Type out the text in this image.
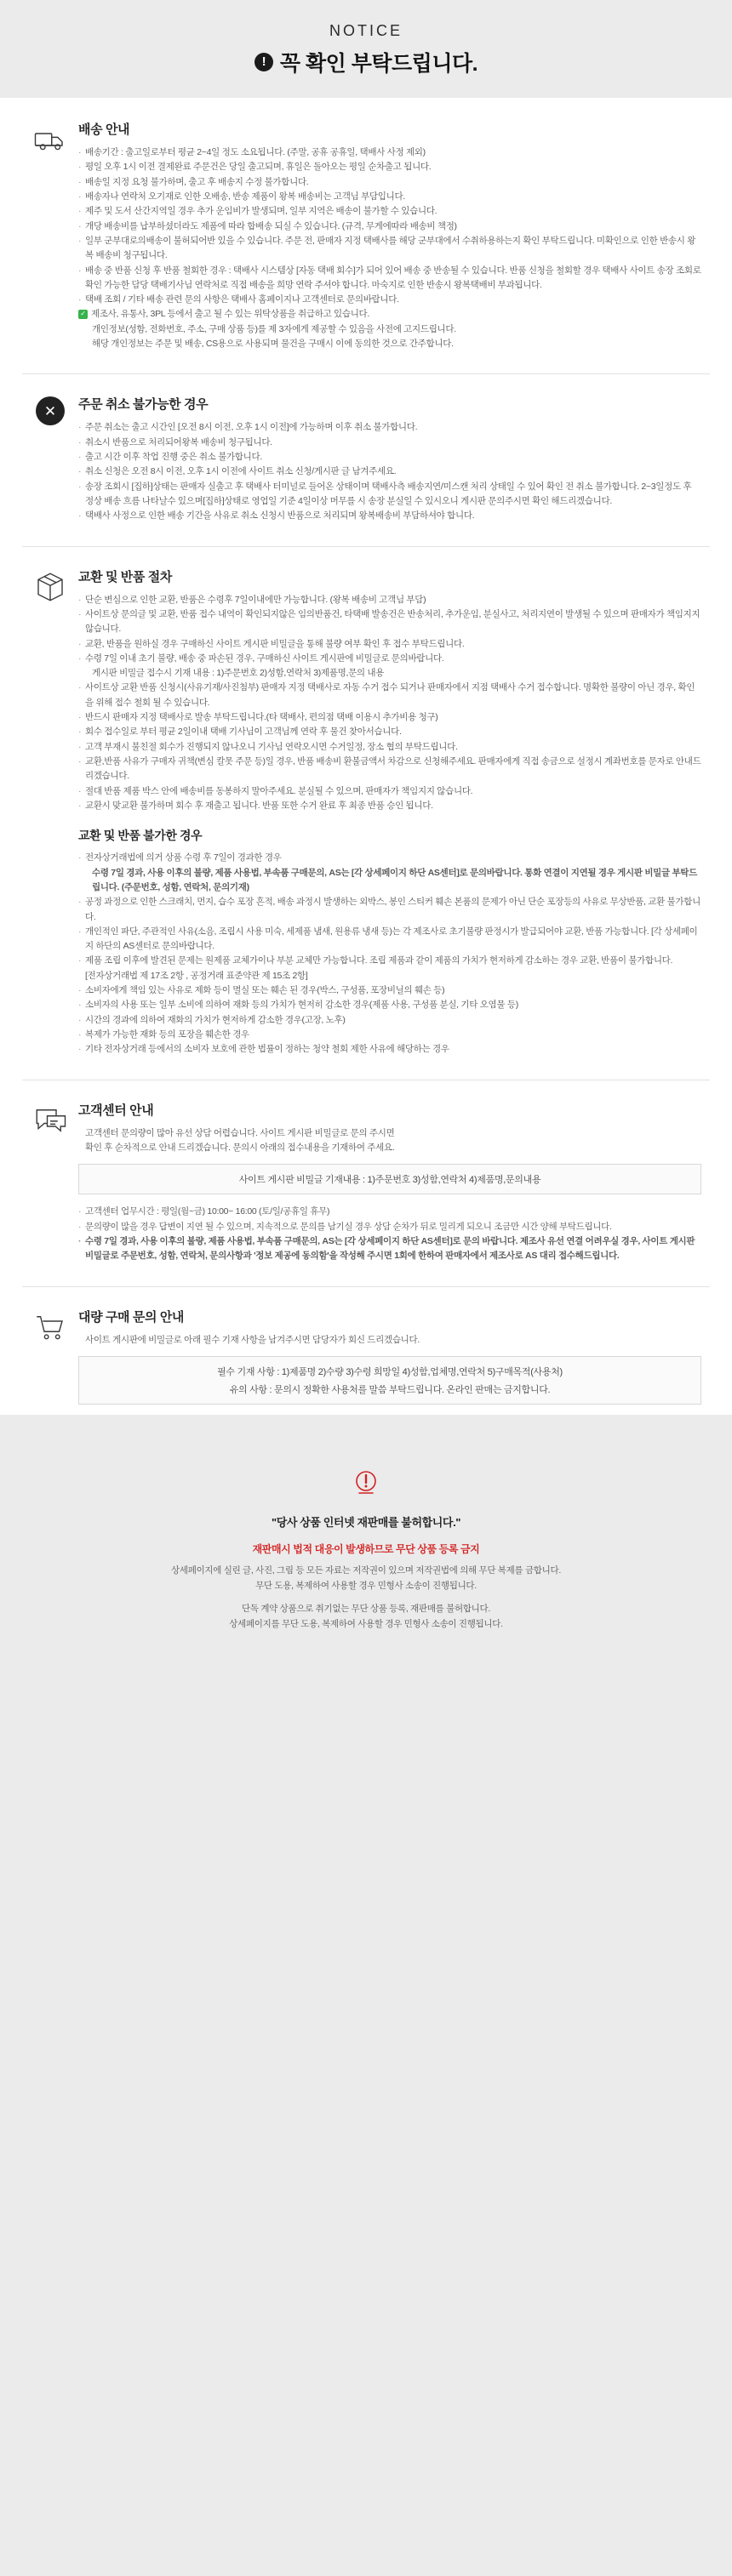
NOTICE
! 꼭 확인 부탁드립니다.
배송 안내
· 배송기간 : 출고일로부터 평균 2~4일 정도 소요됩니다. (주말, 공휴 공휴일, 택배사 사정 제외)
· 평일 오후 1시 이전 결제완료 주문건은 당일 출고되며, 휴일은 돌아오는 평일 순차출고 됩니다.
· 배송일 지정 요청 불가하며, 출고 후 배송지 수정 불가합니다.
· 배송자나 연락처 오기재로 인한 오배송, 반송 제품이 왕복 배송비는 고객님 부담입니다.
· 제주 및 도서 산간지역일 경우 추가 운임비가 발생되며, 일부 지역은 배송이 불가할 수 있습니다.
· 개당 배송비를 납부하셨더라도 제품에 따라 합배송 되실 수 있습니다. (규격, 무게에따라 배송비 책정)
· 일부 군부대로의배송이 불허되어반 있을 수 있습니다. 주문 전, 판매자 지정 택배사를 해당 군부대에서 수취하용하는지 확인 부탁드립니다. 미확인으로 인한 반송시 왕복 배송비 청구됩니다.
· 배송 중 반품 신청 후 반품 철회한 경우 : 택배사 시스템상 [자동 택배 회수]가 되어 있어 배송 중 반송될 수 있습니다. 반품 신청을 철회할 경우 택배사 사이트 송장 조회로 확인 가능한 담당 택배기사님 연락처로 직접 배송을 희망 연락 주셔야 합니다. 마숙지로 인한 반송시 왕복택배비 부과됩니다.
· 택배 조회 / 기타 배송 관련 문의 사항은 택배사 홈페이지나 고객센터로 문의바랍니다.
✓ 제조사, 유통사, 3PL 등에서 출고 될 수 있는 위탁상품을 취급하고 있습니다.
개인정보(성함, 전화번호, 주소, 구매 상품 등)를 제 3자에게 제공할 수 있음을 사전에 고지드립니다.
해당 개인정보는 주문 및 배송, CS용으로 사용되며 물건을 구매시 이에 동의한 것으로 간주합니다.
✕	주문 취소 불가능한 경우
· 주문 취소는 출고 시간인 [오전 8시 이전, 오후 1시 이전]에 가능하며 이후 취소 불가합니다.
· 취소시 반품으로 처리되어왕복 배송비 청구됩니다.
· 출고 시간 이후 착업 진행 중은 취소 불가합니다.
· 취소 신청은 오전 8시 이전, 오후 1시 이전에 사이트 취소 신청/게시판 글 남겨주세요.
· 송장 조회시 [집하]상태는 판매자 실출고 후 택배사 터미널로 들어온 상태이며 택배사측 배송지연/미스캔 처리 상태일 수 있어 확인 전 취소 불가합니다. 2~3일정도 후 정상 배송 흐름 나타날수 있으며[집하]상태로 영업일 기준 4일이상 머무를 시 송장 분실일 수 있시오니 게시판 문의주시면 확인 해드리겠습니다.
· 택배사 사정으로 인한 배송 기간을 사유로 취소 신청시 반품으로 처리되며 왕복배송비 부담하셔야 합니다.
교환 및 반품 절차
· 단순 변심으로 인한 교환, 반품은 수령후 7일이내에만 가능합니다. (왕복 배송비 고객님 부담)
· 사이트상 문의글 및 교환, 반품 접수 내역이 확인되지않은 임의반품건, 타택배 발송건은 반송처리, 추가운임, 분실사고, 처리지연이 발생될 수 있으며 판매자가 책임지지 않습니다.
· 교환, 반품을 원하실 경우 구매하신 사이트 게시판 비밀글을 통해 불량 여부 확인 후 접수 부탁드립니다.
· 수령 7일 이내 초기 불량, 배송 중 파손된 경우, 구매하신 사이트 게시판에 비밀글로 문의바랍니다.
게시판 비밀글 접수시 기재 내용 : 1)주문번호 2)성함,연락처 3)제품명,문의 내용
· 사이트상 교환 반품 신청시(사유기재/사진첨부) 판매자 지정 택배사로 자동 수거 접수 되거나 판매자에서 지점 택배사 수거 접수합니다. 명확한 불량이 아닌 경우, 확인을 위해 접수 철회 될 수 있습니다.
· 반드시 판매자 지정 택배사로 발송 부탁드립니다.(타 택배사, 편의점 택배 이용시 추가비용 청구)
· 회수 접수일로 부터 평균 2일이내 택배 기사님이 고객님께 연락 후 물건 찾아서습니다.
· 고객 부재시 불친절 회수가 진행되지 않나오니 기사님 연락오시면 수거일정, 장소 협의 부탁드립니다.
· 교환,반품 사유가 구매자 귀책(변심 칼못 주문 등)일 경우, 반품 배송비 환불금액서 차감으로 신청해주세요. 판매자에게 직접 송금으로 설정시 계좌번호를 문자로 안내드리겠습니다.
· 절대 반품 제품 박스 안에 배송비를 동봉하지 말아주세요. 분실될 수 있으며, 판매자가 책임지지 않습니다.
· 교환시 맞교환 불가하며 회수 후 재출고 됩니다. 반품 또한 수거 완료 후 최종 반품 승인 됩니다.
교환 및 반품 불가한 경우
· 전자상거래법에 의거 상품 수령 후 7일이 경과한 경우
수령 7일 경과, 사용 이후의 불량, 제품 사용법, 부속품 구매문의, AS는 [각 상세페이지 하단 AS센터]로 문의바랍니다. 통화 연결이 지연될 경우 게시판 비밀글 부탁드립니다. (주문번호, 성함, 연락처, 문의기재)
· 공정 과정으로 인한 스크래치, 먼지, 습수 포장 흔적, 배송 과정시 발생하는 외박스, 봉인 스티커 훼손 본품의 문제가 아닌 단순 포장등의 사유로 무상반품, 교환 불가합니다.
· 개인적인 파단, 주관적인 사유(소음, 조립시 사용 미숙, 세제품 냄새, 원용류 냉새 등)는 각 제조사로 초기불량 판정시가 발급되어야 교환, 반품 가능합니다. [각 상세페이지 하단의 AS센터로 문의바랍니다.
· 제품 조립 이후에 발견된 문제는 원제품 교체가이나 부분 교체만 가능합니다. 조립 제품과 같이 제품의 가치가 현저하게 감소하는 경우 교환, 반품이 불가합니다.
[전자상거래법 제 17조 2항 , 공정거래 표준약관 제 15조 2항]
· 소비자에게 책임 있는 사유로 제화 등이 멸실 또는 훼손 된 경우(박스, 구성품, 포장비닐의 훼손 등)
· 소비자의 사용 또는 일부 소비에 의하여 재화 등의 가치가 현저히 감소한 경우(제품 사용, 구성품 분실, 기타 오염물 등)
· 시간의 경과에 의하여 재화의 가치가 현저하게 감소한 경우(고장, 노후)
· 복제가 가능한 재화 등의 포장을 훼손한 경우
· 기타 전자상거래 등에서의 소비자 보호에 관한 법률이 정하는 청약 철회 제한 사유에 해당하는 경우
고객센터 안내
고객센터 문의량이 많아 유선 상담 어렵습니다. 사이트 게시판 비밀글로 문의 주시면
확인 후 순차적으로 안내 드리겠습니다. 문의시 아래의 접수내용을 기재하여 주세요.
사이트 게시판 비밀글 기재내용 : 1)주문번호 3)성함,연락처 4)제품명,문의내용
· 고객센터 업무시간 : 평일(월~금) 10:00~ 16:00 (토/일/공휴일 휴무)
· 문의량이 많을 경우 답변이 지연 될 수 있으며, 지속적으로 문의를 남기실 경우 상담 순차가 뒤로 밀리게 되오니 조금만 시간 양해 부탁드립니다.
· 수령 7일 경과, 사용 이후의 불량, 제품 사용법, 부속품 구매문의, AS는 [각 상세페이지 하단 AS센터]로 문의 바랍니다. 제조사 유선 연결 어려우실 경우, 사이트 게시판 비밀글로 주문번호, 성함, 연락처, 문의사항과 '정보 제공에 동의함'을 작성해 주시면 1회에 한하여 판매자에서 제조사로 AS 대리 접수해드립니다.
대량 구매 문의 안내
사이트 게시판에 비밀글로 아래 필수 기재 사항을 남겨주시면 담당자가 회신 드리겠습니다.
필수 기재 사항 : 1)제품명 2)수량 3)수령 희망일 4)성함,업체명,연락처 5)구매목적(사용처)
유의 사항 : 문의시 정확한 사용처를 말씀 부탁드립니다. 온라인 판매는 금지합니다.
"당사 상품 인터넷 재판매를 불허합니다."
재판매시 법적 대응이 발생하므로 무단 상품 등록 금지
상세페이지에 실린 글, 사진, 그림 등 모든 자료는 저작권이 있으며 저작권법에 의해 무단 복제를 금합니다.
무단 도용, 복제하여 사용할 경우 민형사 소송이 진행됩니다.
단독 계약 상품으로 취기없는 무단 상품 등록, 재판매를 불허합니다.
상세페이지를 무단 도용, 복제하여 사용할 경우 민형사 소송이 진행됩니다.
